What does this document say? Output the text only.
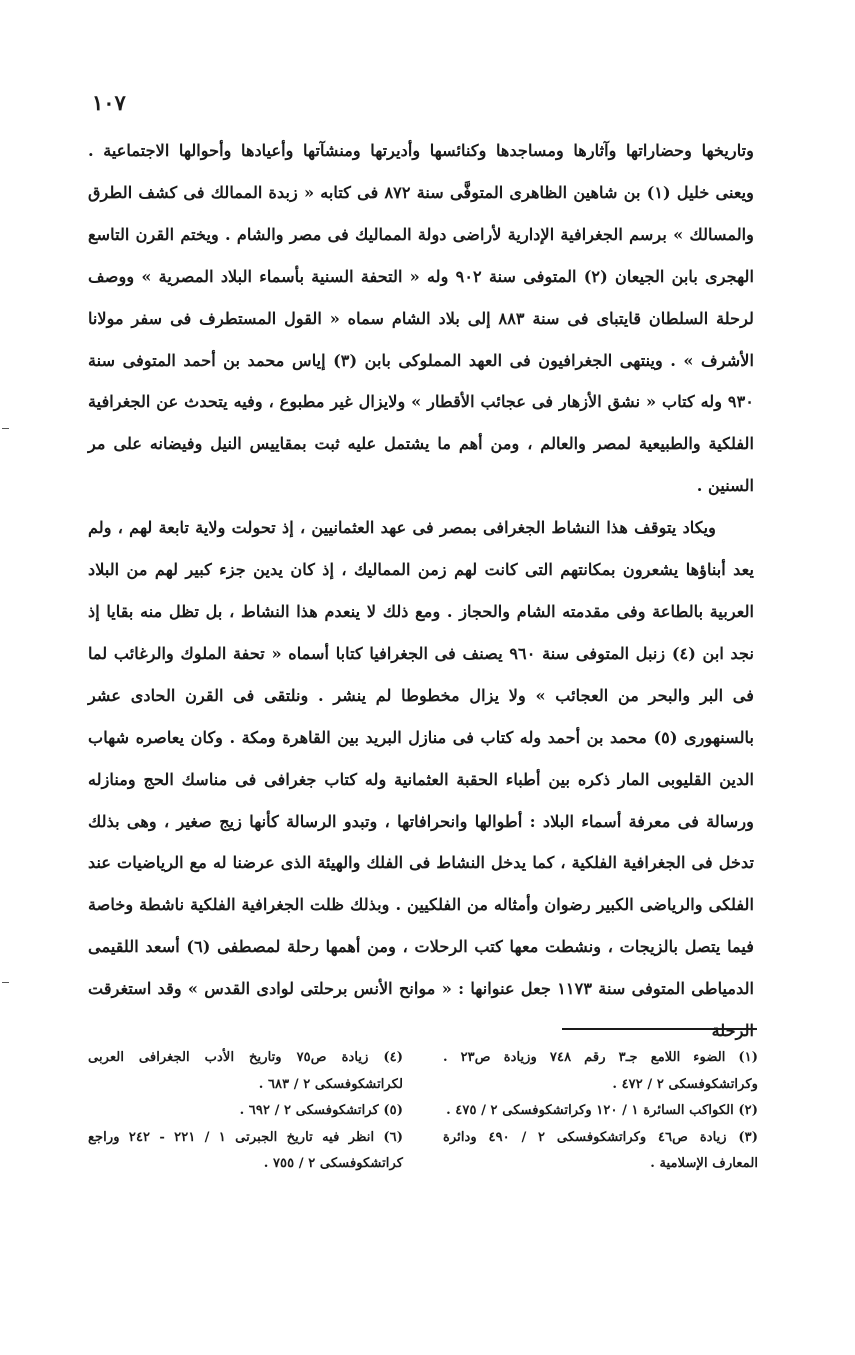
١٠٧

وتاريخها وحضاراتها وآثارها ومساجدها وكنائسها وأديرتها ومنشآتها وأعيادها وأحوالها الاجتماعية . ويعنى خليل (١) بن شاهين الظاهرى المتوفَّى سنة ٨٧٢ فى كتابه « زبدة الممالك فى كشف الطرق والمسالك » برسم الجغرافية الإدارية لأراضى دولة المماليك فى مصر والشام . ويختم القرن التاسع الهجرى بابن الجيعان (٢) المتوفى سنة ٩٠٢ وله « التحفة السنية بأسماء البلاد المصرية » ووصف لرحلة السلطان قايتباى فى سنة ٨٨٣ إلى بلاد الشام سماه « القول المستطرف فى سفر مولانا الأشرف » . وينتهى الجغرافيون فى العهد المملوكى بابن (٣) إياس محمد بن أحمد المتوفى سنة ٩٣٠ وله كتاب « نشق الأزهار فى عجائب الأقطار » ولايزال غير مطبوع ، وفيه يتحدث عن الجغرافية الفلكية والطبيعية لمصر والعالم ، ومن أهم ما يشتمل عليه ثبت بمقاييس النيل وفيضانه على مر السنين .

ويكاد يتوقف هذا النشاط الجغرافى بمصر فى عهد العثمانيين ، إذ تحولت ولاية تابعة لهم ، ولم يعد أبناؤها يشعرون بمكانتهم التى كانت لهم زمن المماليك ، إذ كان يدين جزء كبير لهم من البلاد العربية بالطاعة وفى مقدمته الشام والحجاز . ومع ذلك لا ينعدم هذا النشاط ، بل تظل منه بقايا إذ نجد ابن (٤) زنبل المتوفى سنة ٩٦٠ يصنف فى الجغرافيا كتابا أسماه « تحفة الملوك والرغائب لما فى البر والبحر من العجائب » ولا يزال مخطوطا لم ينشر . ونلتقى فى القرن الحادى عشر بالسنهورى (٥) محمد بن أحمد وله كتاب فى منازل البريد بين القاهرة ومكة . وكان يعاصره شهاب الدين القليوبى المار ذكره بين أطباء الحقبة العثمانية وله كتاب جغرافى فى مناسك الحج ومنازله ورسالة فى معرفة أسماء البلاد : أطوالها وانحرافاتها ، وتبدو الرسالة كأنها زيج صغير ، وهى بذلك تدخل فى الجغرافية الفلكية ، كما يدخل النشاط فى الفلك والهيئة الذى عرضنا له مع الرياضيات عند الفلكى والرياضى الكبير رضوان وأمثاله من الفلكيين . وبذلك ظلت الجغرافية الفلكية ناشطة وخاصة فيما يتصل بالزيجات ، ونشطت معها كتب الرحلات ، ومن أهمها رحلة لمصطفى (٦) أسعد اللقيمى الدمياطى المتوفى سنة ١١٧٣ جعل عنوانها : « موانح الأنس برحلتى لوادى القدس » وقد استغرقت الرحلة

(١) الضوء اللامع جـ٣ رقم ٧٤٨ وزيادة ص٢٣ . وكراتشكوفسكى ٢ / ٤٧٢ .

(٢) الكواكب السائرة ١ / ١٢٠ وكراتشكوفسكى ٢ / ٤٧٥ .

(٣) زيادة ص٤٦ وكراتشكوفسكى ٢ / ٤٩٠ ودائرة المعارف الإسلامية .

(٤) زيادة ص٧٥ وتاريخ الأدب الجغرافى العربى لكراتشكوفسكى ٢ / ٦٨٣ .

(٥) كراتشكوفسكى ٢ / ٦٩٢ .

(٦) انظر فيه تاريخ الجبرتى ١ / ٢٢١ - ٢٤٢ وراجع كراتشكوفسكى ٢ / ٧٥٥ .
